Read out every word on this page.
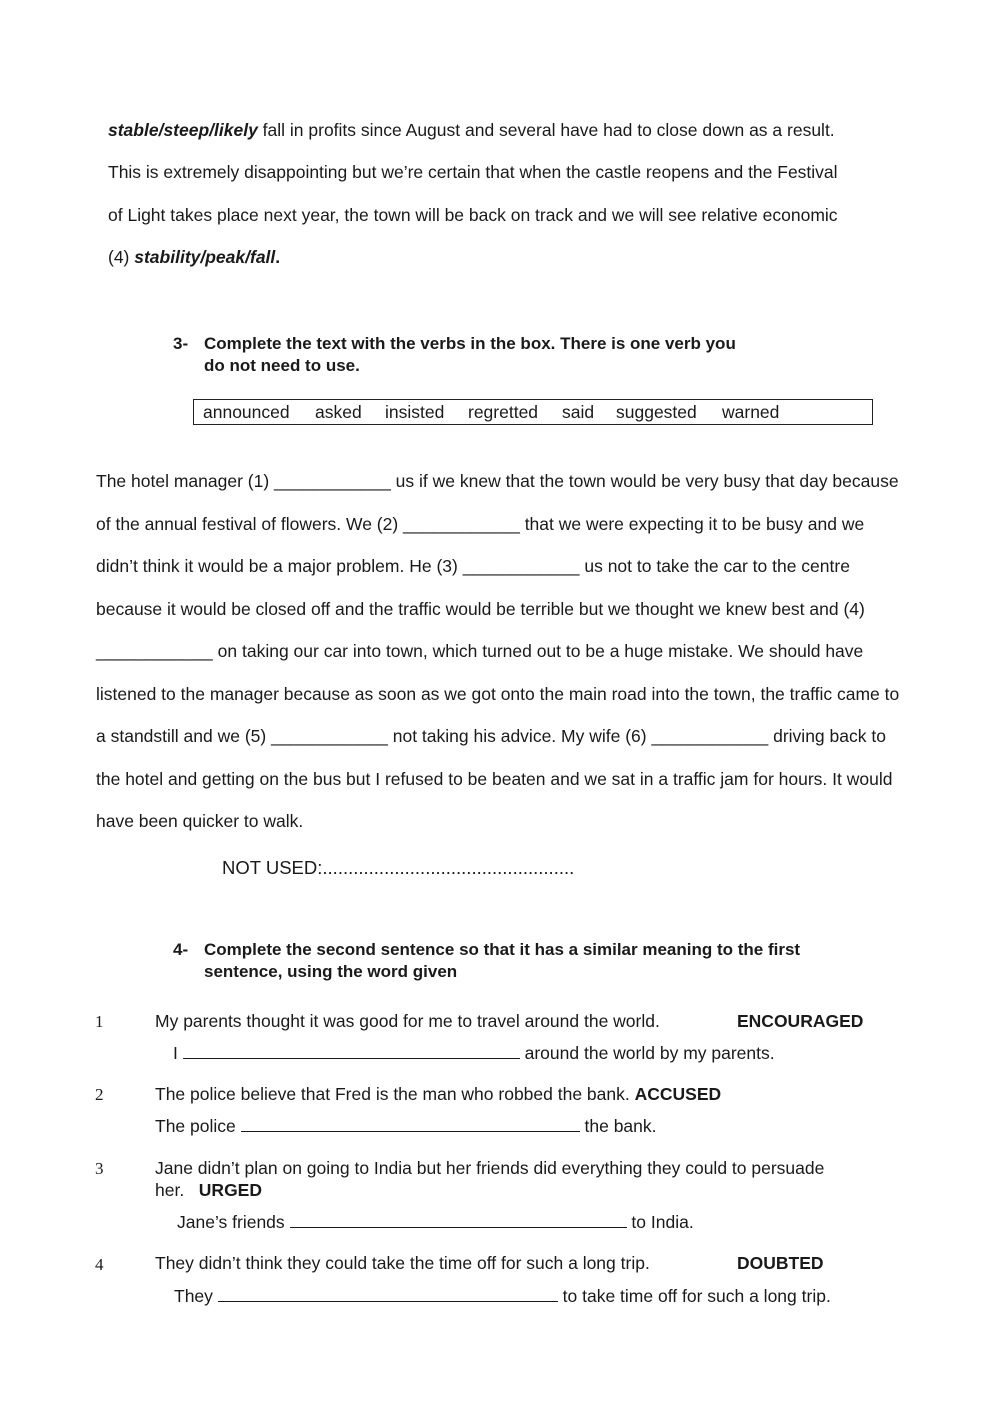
stable/steep/likely fall in profits since August and several have had to close down as a result.
This is extremely disappointing but we’re certain that when the castle reopens and the Festival
of Light takes place next year, the town will be back on track and we will see relative economic
(4) stability/peak/fall.
3- Complete the text with the verbs in the box. There is one verb you
do not need to use.
announced asked insisted regretted said suggested warned
The hotel manager (1) ____________ us if we knew that the town would be very busy that day because
of the annual festival of flowers. We (2) ____________ that we were expecting it to be busy and we
didn’t think it would be a major problem. He (3) ____________ us not to take the car to the centre
because it would be closed off and the traffic would be terrible but we thought we knew best and (4)
____________ on taking our car into town, which turned out to be a huge mistake. We should have
listened to the manager because as soon as we got onto the main road into the town, the traffic came to
a standstill and we (5) ____________ not taking his advice. My wife (6) ____________ driving back to
the hotel and getting on the bus but I refused to be beaten and we sat in a traffic jam for hours. It would
have been quicker to walk.
NOT USED:.................................................
4- Complete the second sentence so that it has a similar meaning to the first
sentence, using the word given
1	My parents thought it was good for me to travel around the world.	ENCOURAGED
I	around the world by my parents.
2	The police believe that Fred is the man who robbed the bank. ACCUSED
The police	the bank.
3	Jane didn’t plan on going to India but her friends did everything they could to persuade
her. URGED
Jane’s friends	to India.
4	They didn’t think they could take the time off for such a long trip.	DOUBTED
They	to take time off for such a long trip.
